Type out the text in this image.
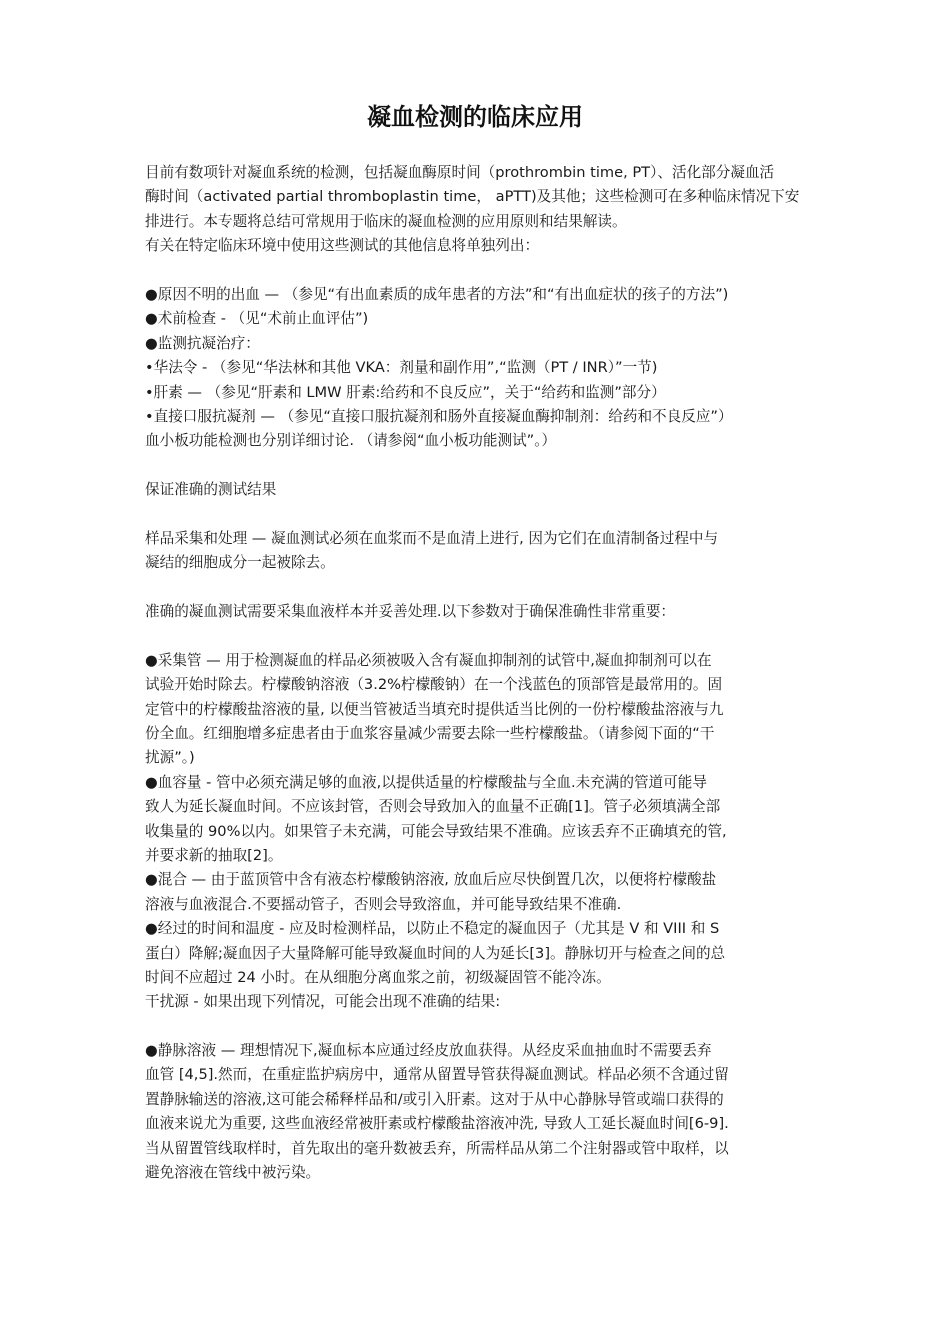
凝血检测的临床应用
目前有数项针对凝血系统的检测，包括凝血酶原时间（prothrombin time, PT）、活化部分凝血活
酶时间（activated partial thromboplastin time， aPTT)及其他；这些检测可在多种临床情况下安
排进行。本专题将总结可常规用于临床的凝血检测的应用原则和结果解读。
有关在特定临床环境中使用这些测试的其他信息将单独列出：
●原因不明的出血 — （参见“有出血素质的成年患者的方法”和“有出血症状的孩子的方法”)
●术前检查 - （见“术前止血评估”)
●监测抗凝治疗：
•华法令 - （参见“华法林和其他 VKA：剂量和副作用”,“监测（PT / INR）”一节)
•肝素 — （参见“肝素和 LMW 肝素:给药和不良反应”，关于“给药和监测”部分）
•直接口服抗凝剂 — （参见“直接口服抗凝剂和肠外直接凝血酶抑制剂：给药和不良反应”）
血小板功能检测也分别详细讨论. （请参阅“血小板功能测试”。）
保证准确的测试结果
样品采集和处理 — 凝血测试必须在血浆而不是血清上进行, 因为它们在血清制备过程中与
凝结的细胞成分一起被除去。
准确的凝血测试需要采集血液样本并妥善处理.以下参数对于确保准确性非常重要：
●采集管 — 用于检测凝血的样品必须被吸入含有凝血抑制剂的试管中,凝血抑制剂可以在
试验开始时除去。柠檬酸钠溶液（3.2%柠檬酸钠）在一个浅蓝色的顶部管是最常用的。固
定管中的柠檬酸盐溶液的量, 以便当管被适当填充时提供适当比例的一份柠檬酸盐溶液与九
份全血。红细胞增多症患者由于血浆容量减少需要去除一些柠檬酸盐。（请参阅下面的“干
扰源”。)
●血容量 - 管中必须充满足够的血液,以提供适量的柠檬酸盐与全血.未充满的管道可能导
致人为延长凝血时间。不应该封管，否则会导致加入的血量不正确[1]。管子必须填满全部
收集量的 90%以内。如果管子未充满，可能会导致结果不准确。应该丢弃不正确填充的管,
并要求新的抽取[2]。
●混合 — 由于蓝顶管中含有液态柠檬酸钠溶液, 放血后应尽快倒置几次，以便将柠檬酸盐
溶液与血液混合.不要摇动管子，否则会导致溶血，并可能导致结果不准确.
●经过的时间和温度 - 应及时检测样品，以防止不稳定的凝血因子（尤其是 V 和 VIII 和 S
蛋白）降解;凝血因子大量降解可能导致凝血时间的人为延长[3]。静脉切开与检查之间的总
时间不应超过 24 小时。在从细胞分离血浆之前，初级凝固管不能冷冻。
干扰源 - 如果出现下列情况，可能会出现不准确的结果:
●静脉溶液 — 理想情况下,凝血标本应通过经皮放血获得。从经皮采血抽血时不需要丢弃
血管 [4,5].然而，在重症监护病房中，通常从留置导管获得凝血测试。样品必须不含通过留
置静脉输送的溶液,这可能会稀释样品和/或引入肝素。这对于从中心静脉导管或端口获得的
血液来说尤为重要, 这些血液经常被肝素或柠檬酸盐溶液冲洗, 导致人工延长凝血时间[6-9].
当从留置管线取样时，首先取出的毫升数被丢弃，所需样品从第二个注射器或管中取样，以
避免溶液在管线中被污染。
